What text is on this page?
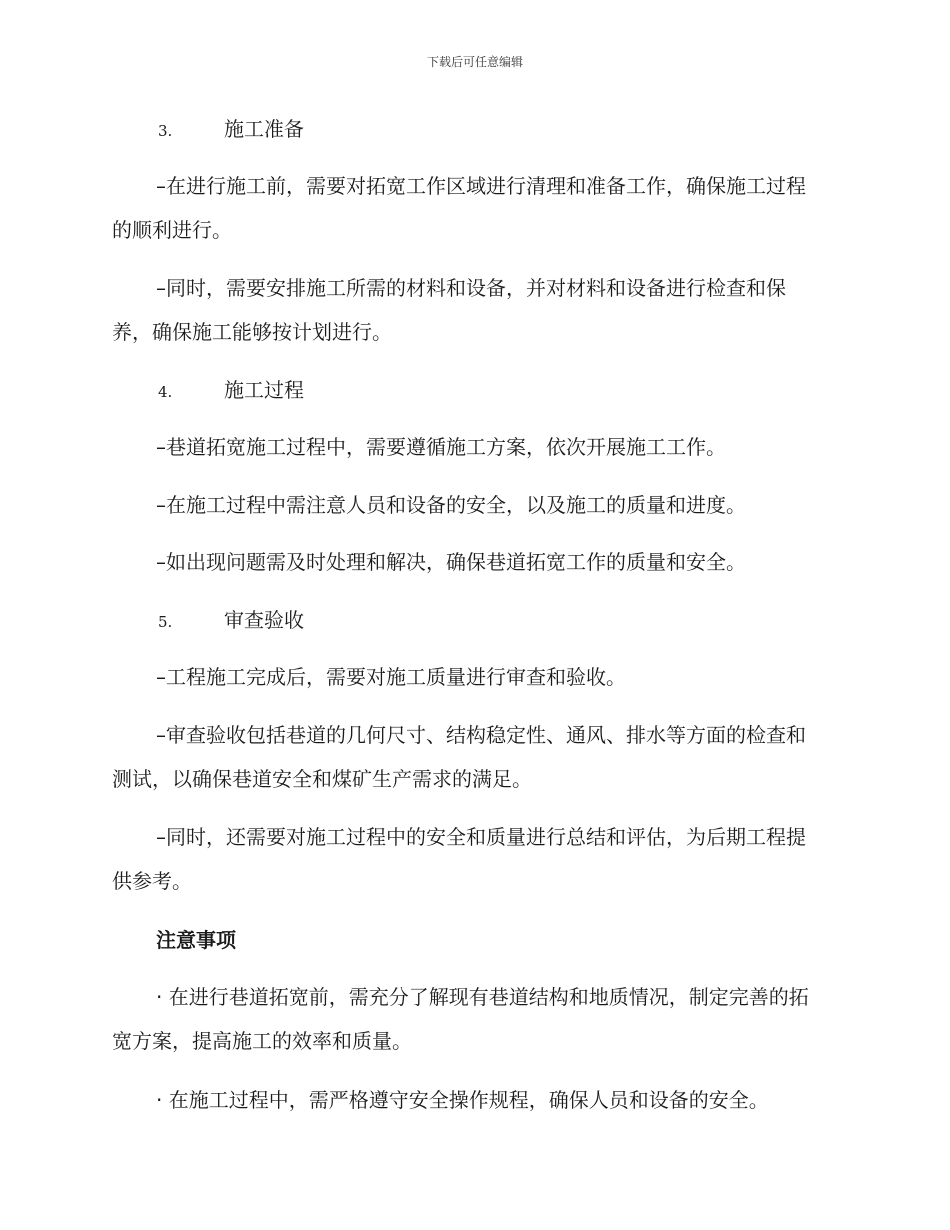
下载后可任意编辑
3.	施工准备

–在进行施工前，需要对拓宽工作区域进行清理和准备工作，确保施工过程的顺利进行。

–同时，需要安排施工所需的材料和设备，并对材料和设备进行检查和保养，确保施工能够按计划进行。

4.	施工过程

–巷道拓宽施工过程中，需要遵循施工方案，依次开展施工工作。

–在施工过程中需注意人员和设备的安全，以及施工的质量和进度。

–如出现问题需及时处理和解决，确保巷道拓宽工作的质量和安全。

5.	审查验收

–工程施工完成后，需要对施工质量进行审查和验收。

–审查验收包括巷道的几何尺寸、结构稳定性、通风、排水等方面的检查和测试，以确保巷道安全和煤矿生产需求的满足。

–同时，还需要对施工过程中的安全和质量进行总结和评估，为后期工程提供参考。

注意事项

· 在进行巷道拓宽前，需充分了解现有巷道结构和地质情况，制定完善的拓宽方案，提高施工的效率和质量。

· 在施工过程中，需严格遵守安全操作规程，确保人员和设备的安全。
